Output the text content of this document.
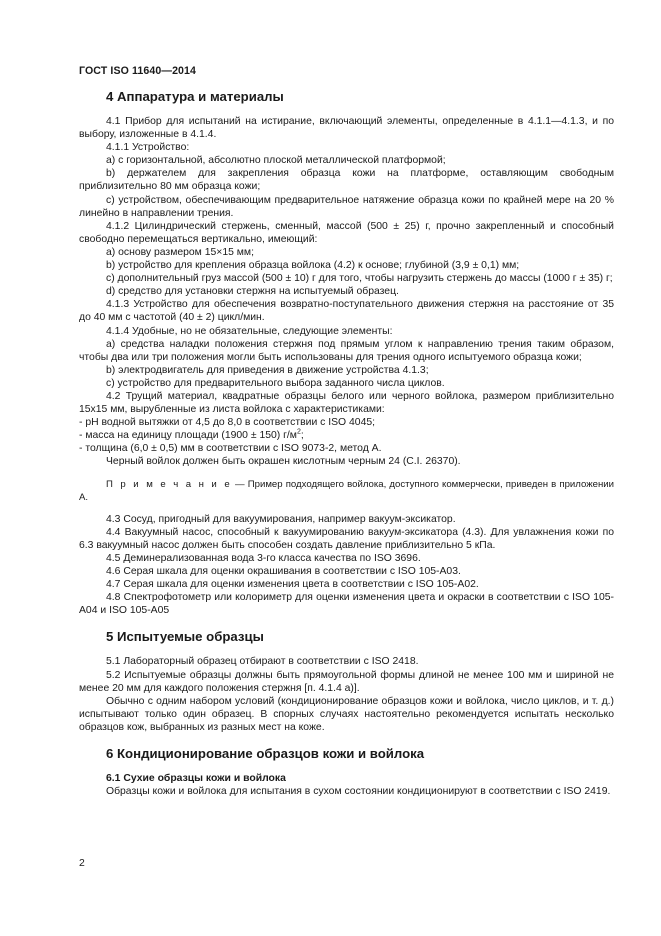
ГОСТ ISO 11640—2014
4 Аппаратура и материалы

4.1 Прибор для испытаний на истирание, включающий элементы, определенные в 4.1.1—4.1.3, и по выбору, изложенные в 4.1.4.

4.1.1 Устройство:

а) с горизонтальной, абсолютно плоской металлической платформой;

b) держателем для закрепления образца кожи на платформе, оставляющим свободным приблизительно 80 мм образца кожи;

с) устройством, обеспечивающим предварительное натяжение образца кожи по крайней мере на 20 % линейно в направлении трения.

4.1.2 Цилиндрический стержень, сменный, массой (500 ± 25) г, прочно закрепленный и способный свободно перемещаться вертикально, имеющий:

а) основу размером 15×15 мм;

b) устройство для крепления образца войлока (4.2) к основе; глубиной (3,9 ± 0,1) мм;

c) дополнительный груз массой (500 ± 10) г для того, чтобы нагрузить стержень до массы (1000 г ± 35) г;

d) средство для установки стержня на испытуемый образец.

4.1.3 Устройство для обеспечения возвратно-поступательного движения стержня на расстояние от 35 до 40 мм с частотой (40 ± 2) цикл/мин.

4.1.4 Удобные, но не обязательные, следующие элементы:

а) средства наладки положения стержня под прямым углом к направлению трения таким образом, чтобы два или три положения могли быть использованы для трения одного испытуемого образца кожи;

b) электродвигатель для приведения в движение устройства 4.1.3;

c) устройство для предварительного выбора заданного числа циклов.

4.2 Трущий материал, квадратные образцы белого или черного войлока, размером приблизительно 15х15 мм, вырубленные из листа войлока с характеристиками:

- pH водной вытяжки от 4,5 до 8,0 в соответствии с ISO 4045;

- масса на единицу площади (1900 ± 150) $г/м^2$;

- толщина (6,0 ± 0,5) мм в соответствии с ISO 9073-2, метод А.

Черный войлок должен быть окрашен кислотным черным 24 (C.I. 26370).

П р и м е ч а н и е — Пример подходящего войлока, доступного коммерчески, приведен в приложении А.

4.3 Сосуд, пригодный для вакуумирования, например вакуум-эксикатор.

4.4 Вакуумный насос, способный к вакуумированию вакуум-эксикатора (4.3). Для увлажнения кожи по 6.3 вакуумный насос должен быть способен создать давление приблизительно 5 кПа.

4.5 Деминерализованная вода 3-го класса качества по ISO 3696.

4.6 Серая шкала для оценки окрашивания в соответствии с ISO 105-A03.

4.7 Серая шкала для оценки изменения цвета в соответствии с ISO 105-A02.

4.8 Спектрофотометр или колориметр для оценки изменения цвета и окраски в соответствии с ISO 105-A04 и ISO 105-A05

5 Испытуемые образцы

5.1 Лабораторный образец отбирают в соответствии с ISO 2418.

5.2 Испытуемые образцы должны быть прямоугольной формы длиной не менее 100 мм и шириной не менее 20 мм для каждого положения стержня [п. 4.1.4 а)].

Обычно с одним набором условий (кондиционирование образцов кожи и войлока, число циклов, и т. д.) испытывают только один образец. В спорных случаях настоятельно рекомендуется испытать несколько образцов кож, выбранных из разных мест на коже.

6 Кондиционирование образцов кожи и войлока
6.1 Сухие образцы кожи и войлока

Образцы кожи и войлока для испытания в сухом состоянии кондиционируют в соответствии с ISO 2419.

2
